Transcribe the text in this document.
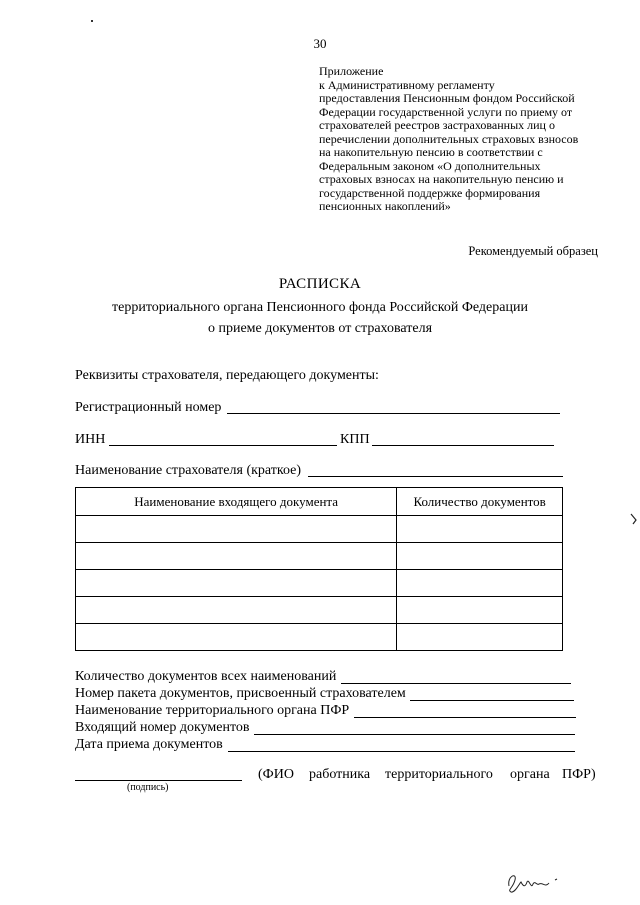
30
Приложение
к Административному регламенту
предоставления Пенсионным фондом Российской
Федерации государственной услуги по приему от
страхователей реестров застрахованных лиц о
перечислении дополнительных страховых взносов
на накопительную пенсию в соответствии с
Федеральным законом «О дополнительных
страховых взносах на накопительную пенсию и
государственной поддержке формирования
пенсионных накоплений»
Рекомендуемый образец
РАСПИСКА
территориального органа Пенсионного фонда Российской Федерации
о приеме документов от страхователя
Реквизиты страхователя, передающего документы:
Регистрационный номер
ИНН	КПП
Наименование страхователя (краткое)
Наименование входящего документа	Количество документов

Количество документов всех наименований
Номер пакета документов, присвоенный страхователем
Наименование территориального органа ПФР
Входящий номер документов
Дата приема документов
(ФИО работника территориального органа ПФР)
(подпись)
